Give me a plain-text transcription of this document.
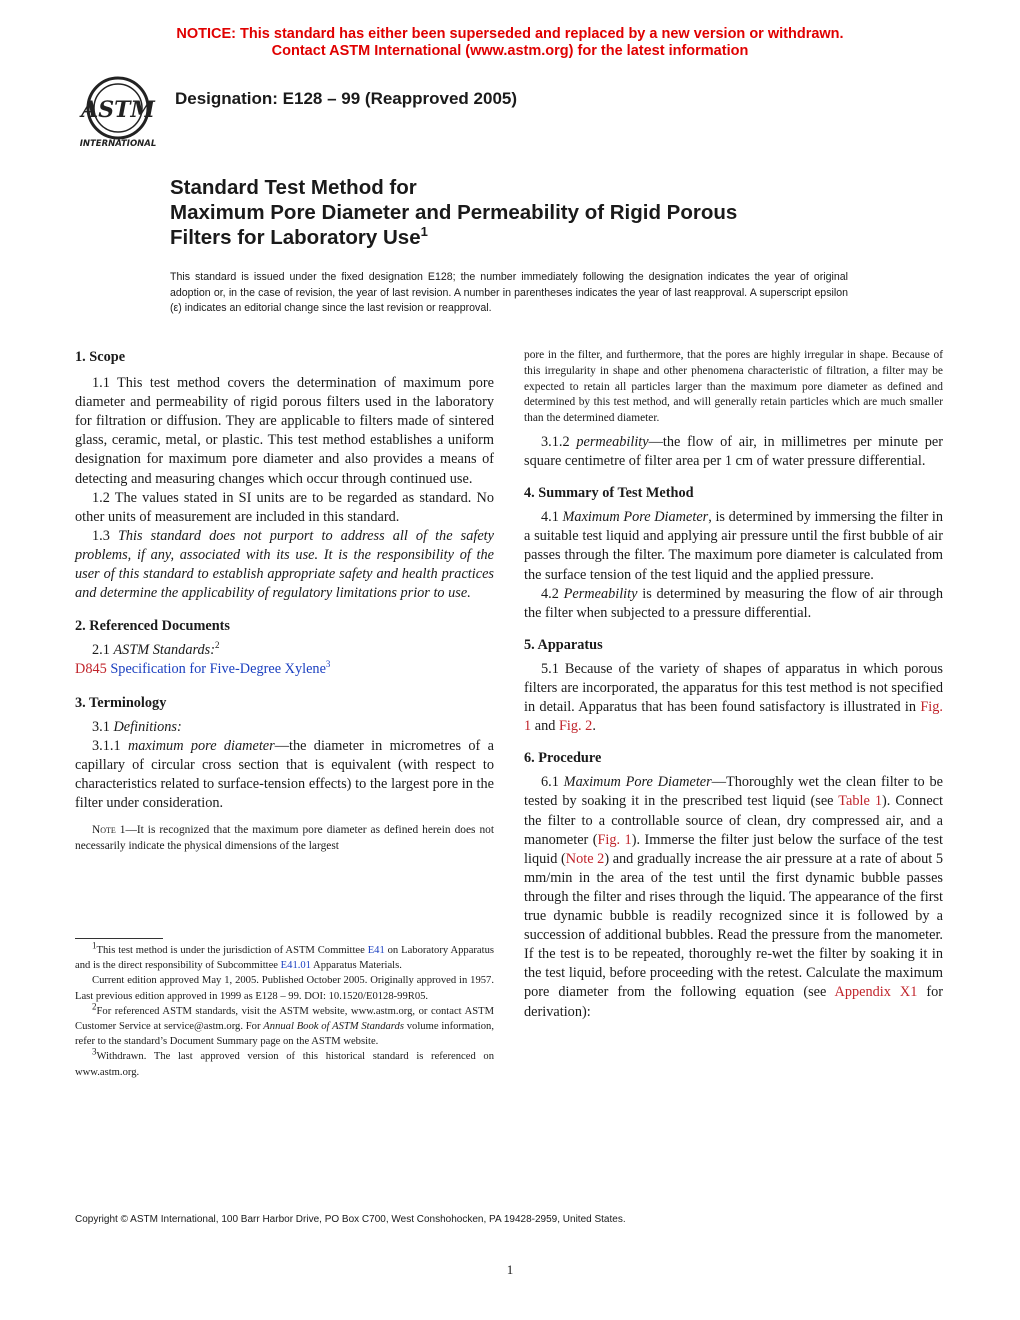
NOTICE: This standard has either been superseded and replaced by a new version or withdrawn.
Contact ASTM International (www.astm.org) for the latest information
ASTM
INTERNATIONAL
Designation: E128 – 99 (Reapproved 2005)
Standard Test Method for
Maximum Pore Diameter and Permeability of Rigid Porous
Filters for Laboratory Use$^1$
This standard is issued under the fixed designation E128; the number immediately following the designation indicates the year of original adoption or, in the case of revision, the year of last revision. A number in parentheses indicates the year of last reapproval. A superscript epsilon (ε) indicates an editorial change since the last revision or reapproval.
1. Scope

1.1 This test method covers the determination of maximum pore diameter and permeability of rigid porous filters used in the laboratory for filtration or diffusion. They are applicable to filters made of sintered glass, ceramic, metal, or plastic. This test method establishes a uniform designation for maximum pore diameter and also provides a means of detecting and measuring changes which occur through continued use.

1.2 The values stated in SI units are to be regarded as standard. No other units of measurement are included in this standard.

1.3 This standard does not purport to address all of the safety problems, if any, associated with its use. It is the responsibility of the user of this standard to establish appropriate safety and health practices and determine the applicability of regulatory limitations prior to use.

2. Referenced Documents

2.1 ASTM Standards:$^2$

D845 Specification for Five-Degree Xylene$^3$

3. Terminology

3.1 Definitions:

3.1.1 maximum pore diameter—the diameter in micrometres of a capillary of circular cross section that is equivalent (with respect to characteristics related to surface-tension effects) to the largest pore in the filter under consideration.

Note 1—It is recognized that the maximum pore diameter as defined herein does not necessarily indicate the physical dimensions of the largest

$^1$This test method is under the jurisdiction of ASTM Committee E41 on Laboratory Apparatus and is the direct responsibility of Subcommittee E41.01 Apparatus Materials.

Current edition approved May 1, 2005. Published October 2005. Originally approved in 1957. Last previous edition approved in 1999 as E128 – 99. DOI: 10.1520/E0128-99R05.

$^2$For referenced ASTM standards, visit the ASTM website, www.astm.org, or contact ASTM Customer Service at service@astm.org. For Annual Book of ASTM Standards volume information, refer to the standard’s Document Summary page on the ASTM website.

$^3$Withdrawn. The last approved version of this historical standard is referenced on www.astm.org.

pore in the filter, and furthermore, that the pores are highly irregular in shape. Because of this irregularity in shape and other phenomena characteristic of filtration, a filter may be expected to retain all particles larger than the maximum pore diameter as defined and determined by this test method, and will generally retain particles which are much smaller than the determined diameter.

3.1.2 permeability—the flow of air, in millimetres per minute per square centimetre of filter area per 1 cm of water pressure differential.

4. Summary of Test Method

4.1 Maximum Pore Diameter, is determined by immersing the filter in a suitable test liquid and applying air pressure until the first bubble of air passes through the filter. The maximum pore diameter is calculated from the surface tension of the test liquid and the applied pressure.

4.2 Permeability is determined by measuring the flow of air through the filter when subjected to a pressure differential.

5. Apparatus

5.1 Because of the variety of shapes of apparatus in which porous filters are incorporated, the apparatus for this test method is not specified in detail. Apparatus that has been found satisfactory is illustrated in Fig. 1 and Fig. 2.

6. Procedure

6.1 Maximum Pore Diameter—Thoroughly wet the clean filter to be tested by soaking it in the prescribed test liquid (see Table 1). Connect the filter to a controllable source of clean, dry compressed air, and a manometer (Fig. 1). Immerse the filter just below the surface of the test liquid (Note 2) and gradually increase the air pressure at a rate of about 5 mm/min in the area of the test until the first dynamic bubble passes through the filter and rises through the liquid. The appearance of the first true dynamic bubble is readily recognized since it is followed by a succession of additional bubbles. Read the pressure from the manometer. If the test is to be repeated, thoroughly re-wet the filter by soaking it in the test liquid, before proceeding with the retest. Calculate the maximum pore diameter from the following equation (see Appendix X1 for derivation):

Copyright © ASTM International, 100 Barr Harbor Drive, PO Box C700, West Conshohocken, PA 19428-2959, United States.
1
